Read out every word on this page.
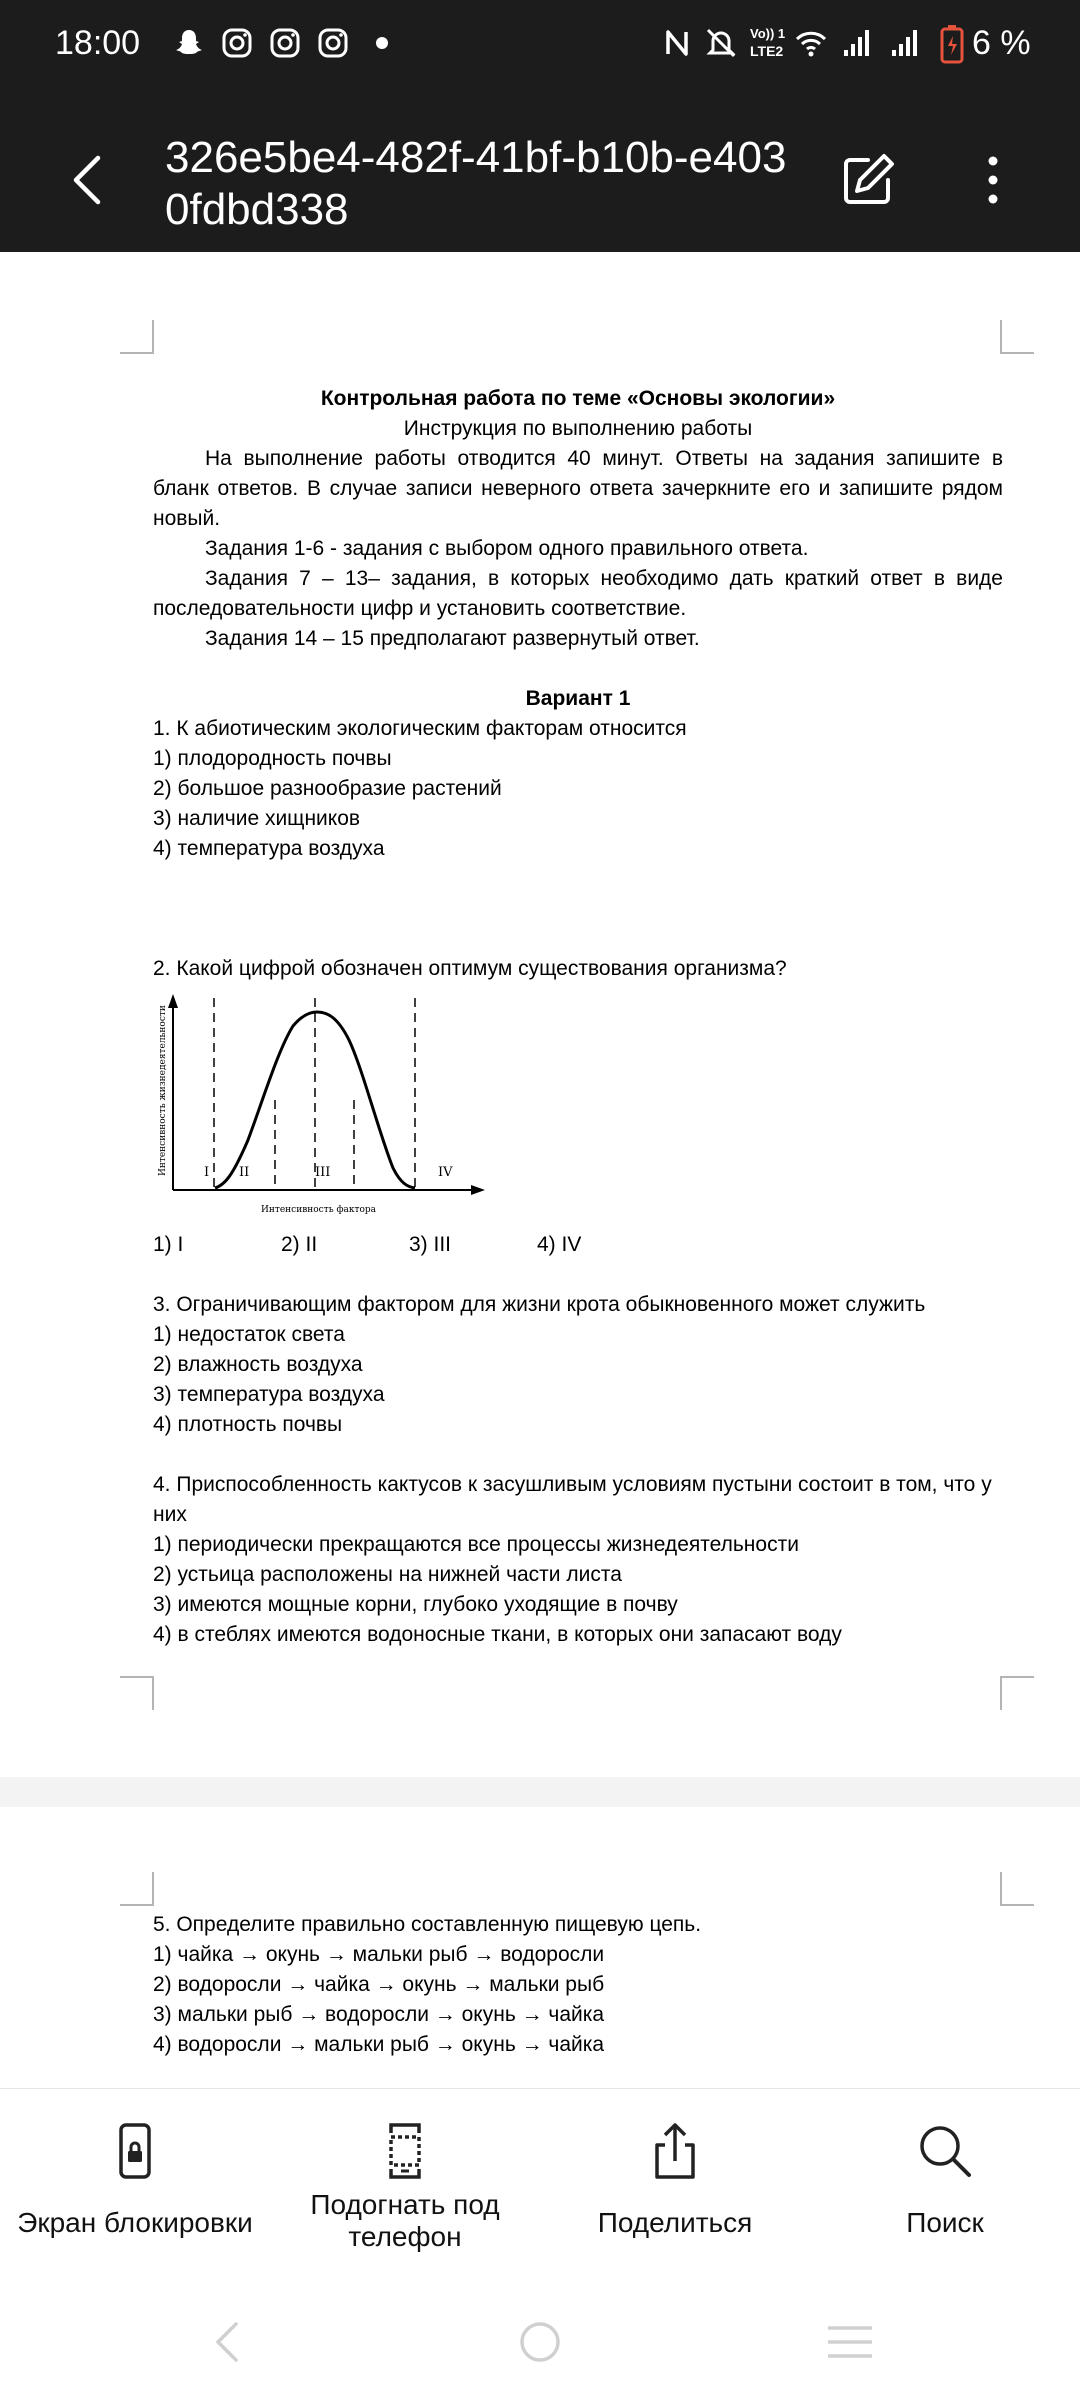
18:00	Vo)) 1
LTE2	6 %
326e5be4-482f-41bf-b10b-e4030fdbd338
Контрольная работа по теме «Основы экологии»
Инструкция по выполнению работы
На выполнение работы отводится 40 минут. Ответы на задания запишите в бланк ответов. В случае записи неверного ответа зачеркните его и запишите рядом новый.
Задания 1-6 - задания с выбором одного правильного ответа.
Задания 7 – 13– задания, в которых необходимо дать краткий ответ в виде последовательности цифр и установить соответствие.
Задания 14 – 15 предполагают развернутый ответ.
Вариант 1
1. К абиотическим экологическим факторам относится
1) плодородность почвы
2) большое разнообразие растений
3) наличие хищников
4) температура воздуха
2. Какой цифрой обозначен оптимум существования организма?
I II	III	IV
Интенсивность жизнедеятельности
Интенсивность фактора
1) I	2) II	3) III	4) IV
3. Ограничивающим фактором для жизни крота обыкновенного может служить
1) недостаток света
2) влажность воздуха
3) температура воздуха
4) плотность почвы
4. Приспособленность кактусов к засушливым условиям пустыни состоит в том, что у них
1) периодически прекращаются все процессы жизнедеятельности
2) устьица расположены на нижней части листа
3) имеются мощные корни, глубоко уходящие в почву
4) в стеблях имеются водоносные ткани, в которых они запасают воду
5. Определите правильно составленную пищевую цепь.
1) чайка → окунь → мальки рыб → водоросли
2) водоросли → чайка → окунь → мальки рыб
3) мальки рыб → водоросли → окунь → чайка
4) водоросли → мальки рыб → окунь → чайка
Экран блокировки
Подогнать под телефон	Поделиться	Поиск
